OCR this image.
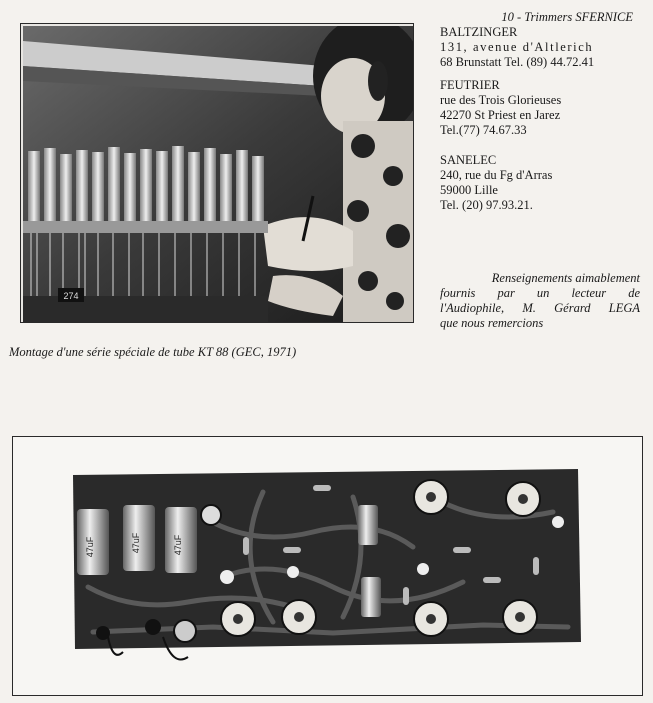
274
Montage d'une série spéciale de tube KT 88 (GEC, 1971)
10 - Trimmers SFERNICE
BALTZINGER
131, avenue d'Altlerich
68 Brunstatt Tel. (89) 44.72.41
FEUTRIER
rue des Trois Glorieuses
42270 St Priest en Jarez
Tel.(77) 74.67.33
SANELEC
240, rue du Fg d'Arras
59000 Lille
Tel. (20) 97.93.21.
Renseignements aimablement
fournis par un lecteur de
l'Audiophile, M. Gérard LEGA
que nous remercions
47uF	47uF	47uF
